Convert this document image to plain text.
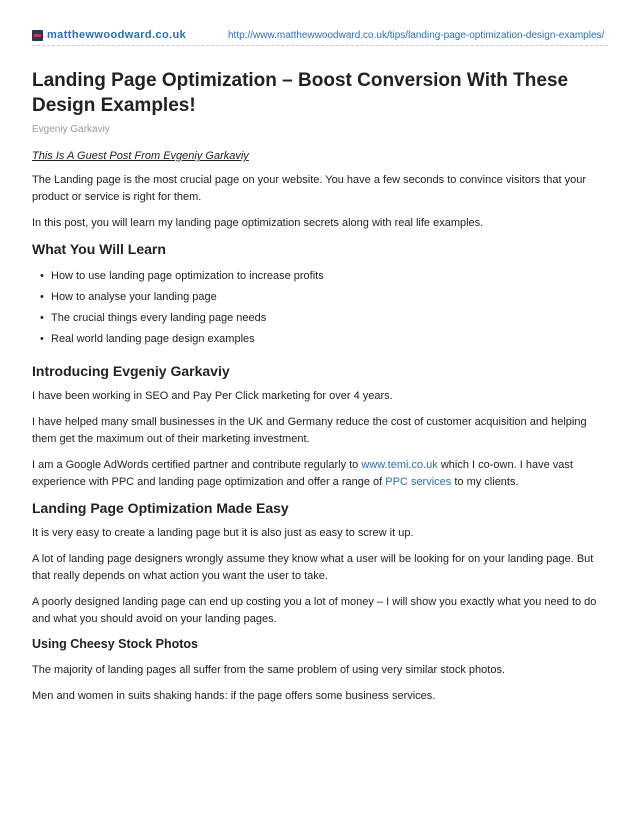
matthewwoodward.co.uk	http://www.matthewwoodward.co.uk/tips/landing-page-optimization-design-examples/
Landing Page Optimization – Boost Conversion With These Design Examples!
Evgeniy Garkaviy
This Is A Guest Post From Evgeniy Garkaviy

The Landing page is the most crucial page on your website. You have a few seconds to convince visitors that your product or service is right for them.

In this post, you will learn my landing page optimization secrets along with real life examples.

What You Will Learn
• How to use landing page optimization to increase profits
• How to analyse your landing page
• The crucial things every landing page needs
• Real world landing page design examples
Introducing Evgeniy Garkaviy

I have been working in SEO and Pay Per Click marketing for over 4 years.

I have helped many small businesses in the UK and Germany reduce the cost of customer acquisition and helping them get the maximum out of their marketing investment.

I am a Google AdWords certified partner and contribute regularly to www.temi.co.uk which I co-own. I have vast experience with PPC and landing page optimization and offer a range of PPC services to my clients.

Landing Page Optimization Made Easy

It is very easy to create a landing page but it is also just as easy to screw it up.

A lot of landing page designers wrongly assume they know what a user will be looking for on your landing page. But that really depends on what action you want the user to take.

A poorly designed landing page can end up costing you a lot of money – I will show you exactly what you need to do and what you should avoid on your landing pages.

Using Cheesy Stock Photos

The majority of landing pages all suffer from the same problem of using very similar stock photos.

Men and women in suits shaking hands: if the page offers some business services.
